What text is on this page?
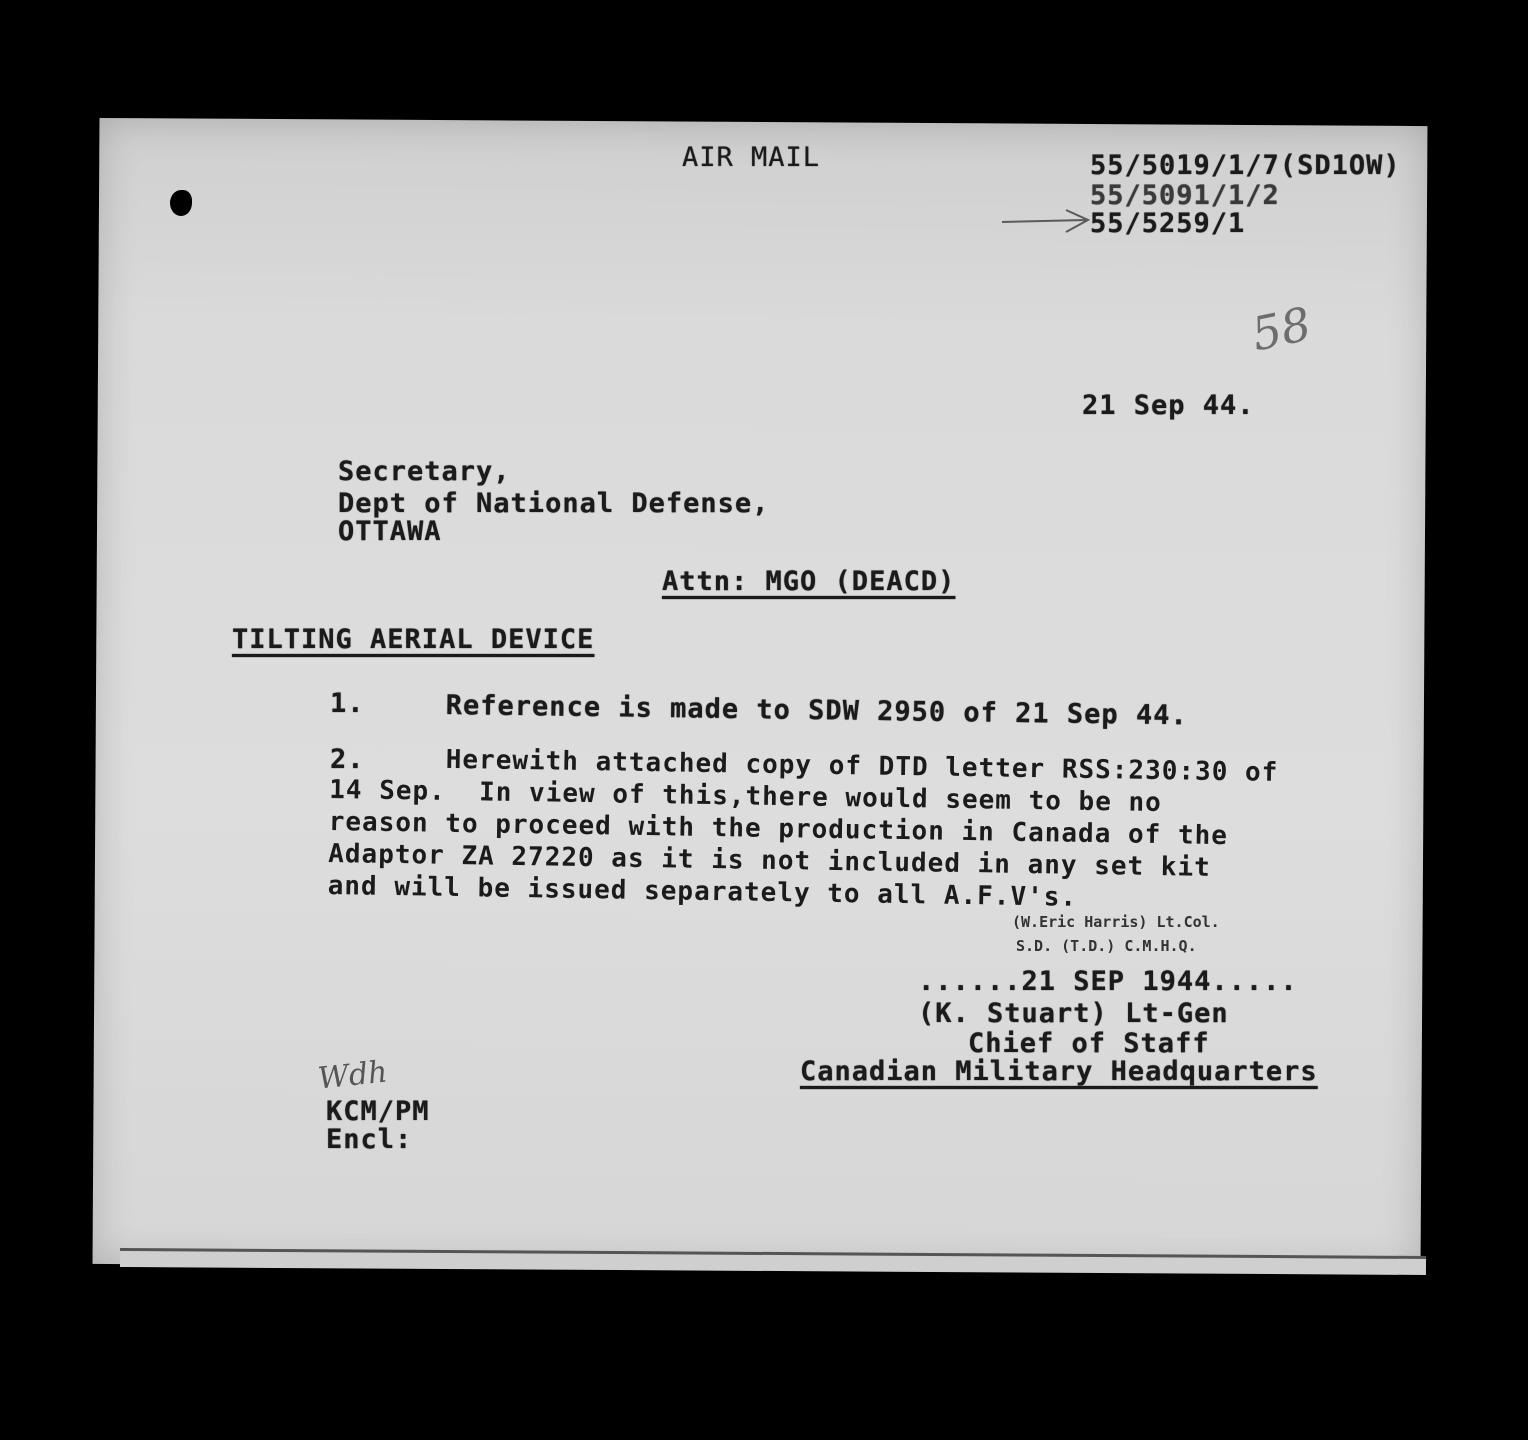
AIR MAIL	55/5019/1/7(SD1OW)

55/5091/1/2

55/5259/1

58

21 Sep 44.

Secretary,

Dept of National Defense,

OTTAWA

Attn: MGO (DEACD)

TILTING AERIAL DEVICE

1.	Reference is made to SDW 2950 of 21 Sep 44.

2.	Herewith attached copy of DTD letter RSS:230:30 of
14 Sep.  In view of this,there would seem to be no
reason to proceed with the production in Canada of the
Adaptor ZA 27220 as it is not included in any set kit
and will be issued separately to all A.F.V's.

(W.Eric Harris) Lt.Col.

S.D. (T.D.) C.M.H.Q.

......21 SEP 1944.....

(K. Stuart) Lt-Gen

Chief of Staff

Canadian Military Headquarters

Wdh

KCM/PM

Encl:
